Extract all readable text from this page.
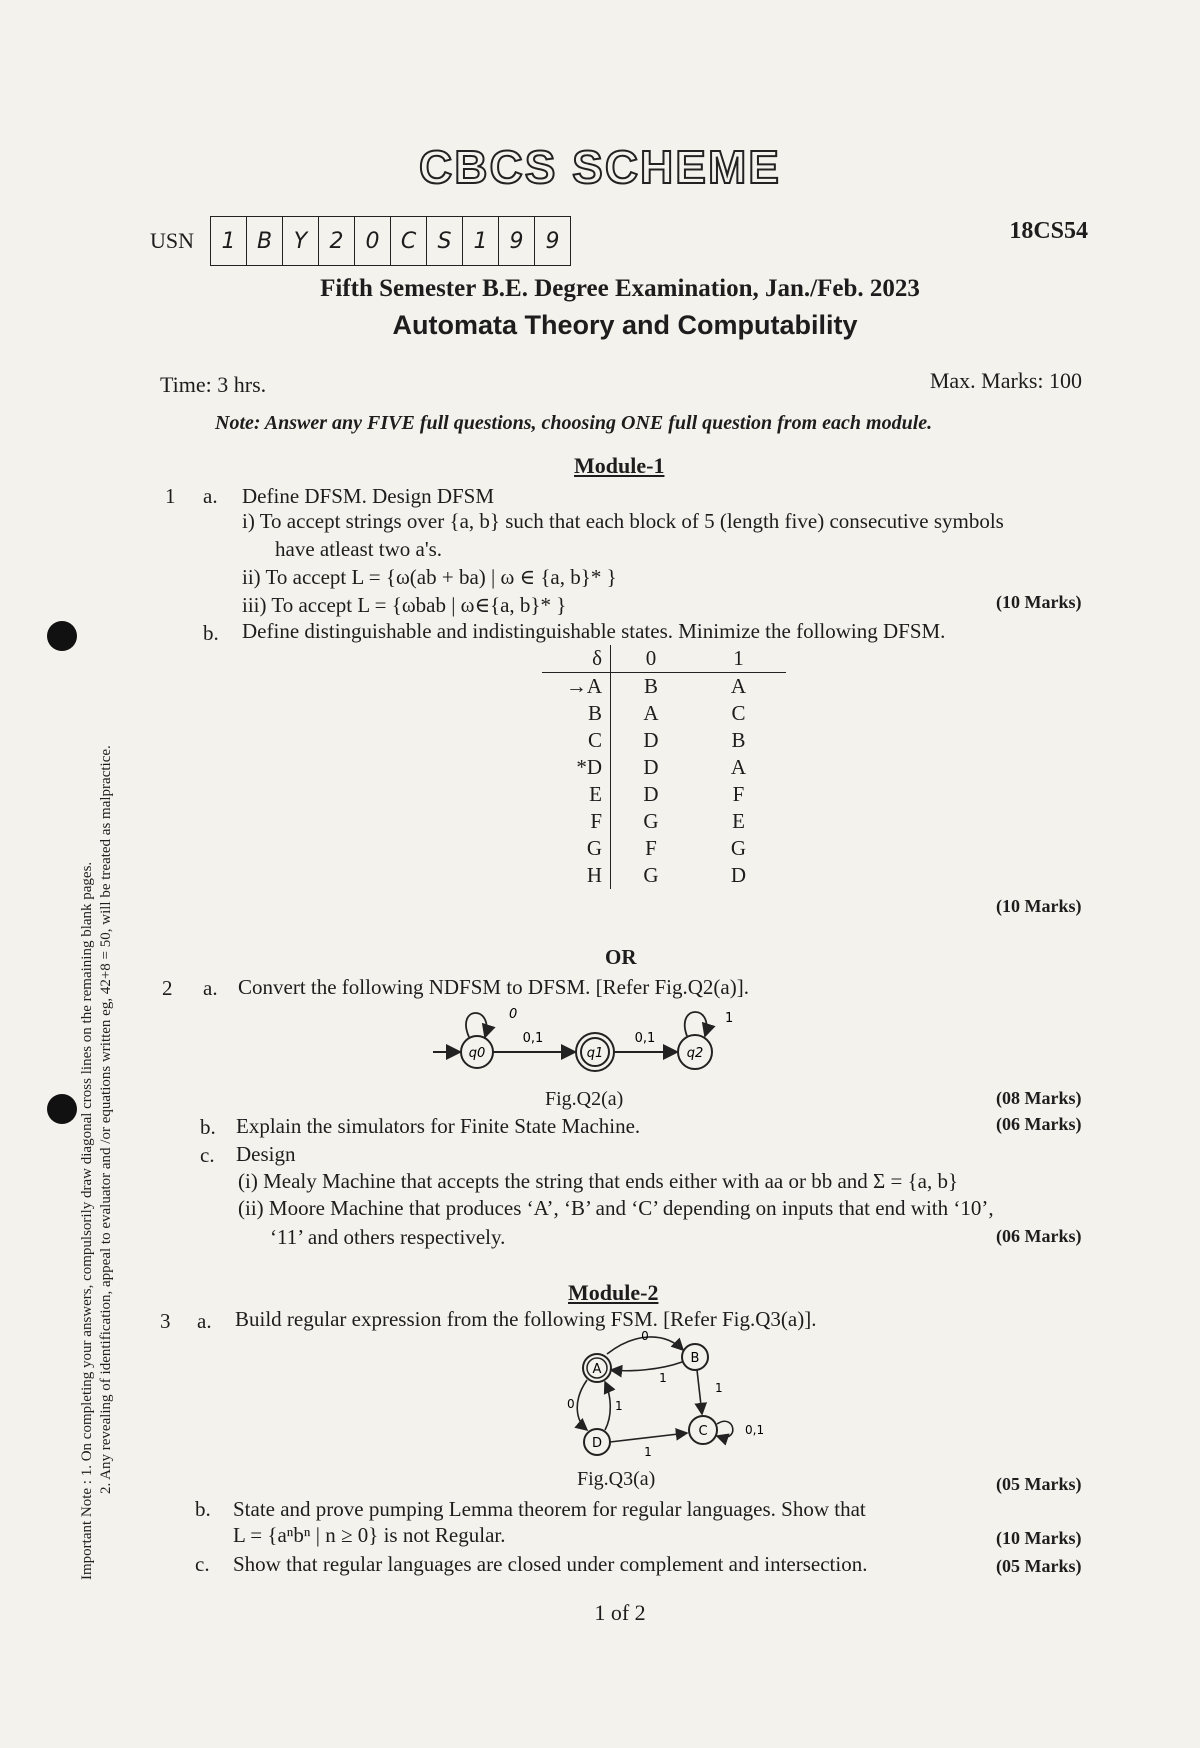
CBCS SCHEME
USN	1 B Y	2	0 C S	1	9	9	18CS54
Fifth Semester B.E. Degree Examination, Jan./Feb. 2023
Automata Theory and Computability
Time: 3 hrs.	Max. Marks: 100
Note: Answer any FIVE full questions, choosing ONE full question from each module.
Important Note : 1. On completing your answers, compulsorily draw diagonal cross lines on the remaining blank pages. 2. Any revealing of identification, appeal to evaluator and /or equations written eg, 42+8 = 50, will be treated as malpractice.
Module-1
1 a. Define DFSM. Design DFSM
i) To accept strings over {a, b} such that each block of 5 (length five) consecutive symbols
have atleast two a's.
ii) To accept L = {ω(ab + ba) | ω ∈ {a, b}* }
iii) To accept L = {ωbab | ω∈{a, b}* }	(10 Marks)
b. Define distinguishable and indistinguishable states. Minimize the following DFSM.
δ	0	1
→A	B	A
B	A	C
C	D	B
*D	D	A
E	D	F
F	G	E
G	F	G
H	G	D
(10 Marks)
OR
2 a. Convert the following NDFSM to DFSM. [Refer Fig.Q2(a)].
q0
0
0,1
q1
0,1
q2
1
Fig.Q2(a)	(08 Marks)
b. Explain the simulators for Finite State Machine.	(06 Marks)
c. Design
(i) Mealy Machine that accepts the string that ends either with aa or bb and Σ = {a, b}
(ii) Moore Machine that produces ‘A’, ‘B’ and ‘C’ depending on inputs that end with ‘10’,
‘11’ and others respectively.	(06 Marks)
Module-2
3 a. Build regular expression from the following FSM. [Refer Fig.Q3(a)].
A
B
C
D
0
1
1
0	1
1
0,1
Fig.Q3(a)	(05 Marks)
b. State and prove pumping Lemma theorem for regular languages. Show that
L = {aⁿbⁿ | n ≥ 0} is not Regular.	(10 Marks)
c. Show that regular languages are closed under complement and intersection.	(05 Marks)
1 of 2
